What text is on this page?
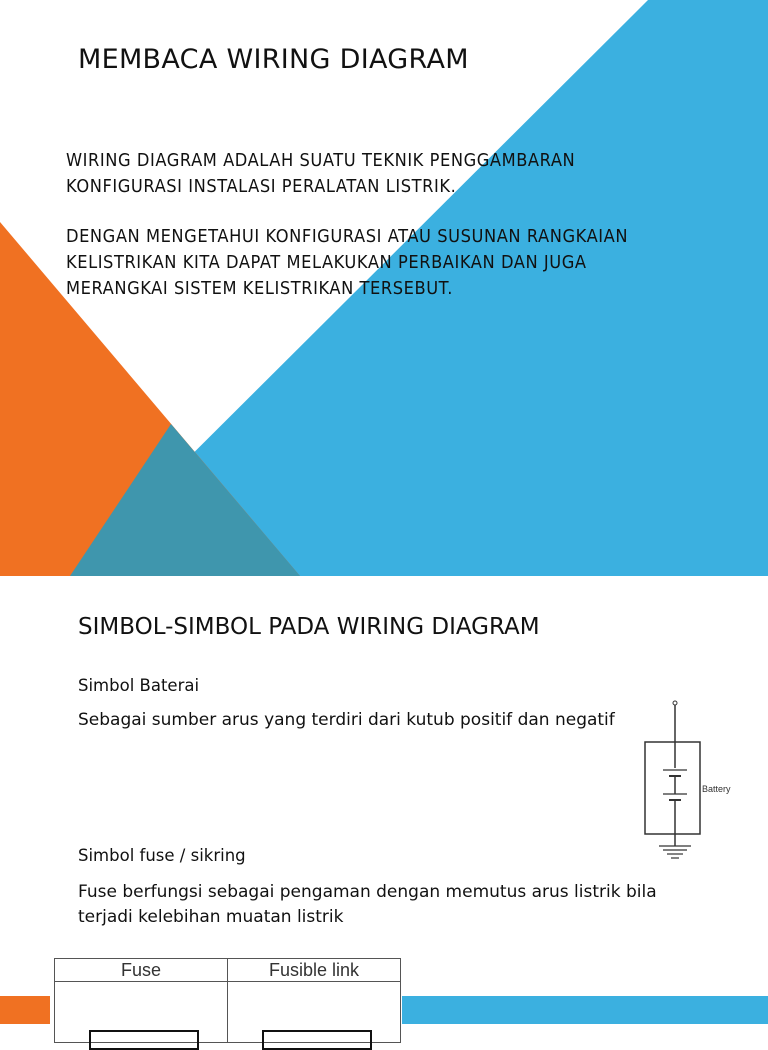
MEMBACA WIRING DIAGRAM

WIRING DIAGRAM ADALAH SUATU TEKNIK PENGGAMBARAN
KONFIGURASI INSTALASI PERALATAN LISTRIK.

DENGAN MENGETAHUI KONFIGURASI ATAU SUSUNAN RANGKAIAN
KELISTRIKAN KITA DAPAT MELAKUKAN PERBAIKAN DAN JUGA
MERANGKAI SISTEM KELISTRIKAN TERSEBUT.

SIMBOL-SIMBOL PADA WIRING DIAGRAM

Simbol Baterai

Sebagai sumber arus yang terdiri dari kutub positif dan negatif

Battery

Simbol fuse / sikring

Fuse berfungsi sebagai pengaman dengan memutus arus listrik bila
terjadi kelebihan muatan listrik

Fuse	Fusible link
